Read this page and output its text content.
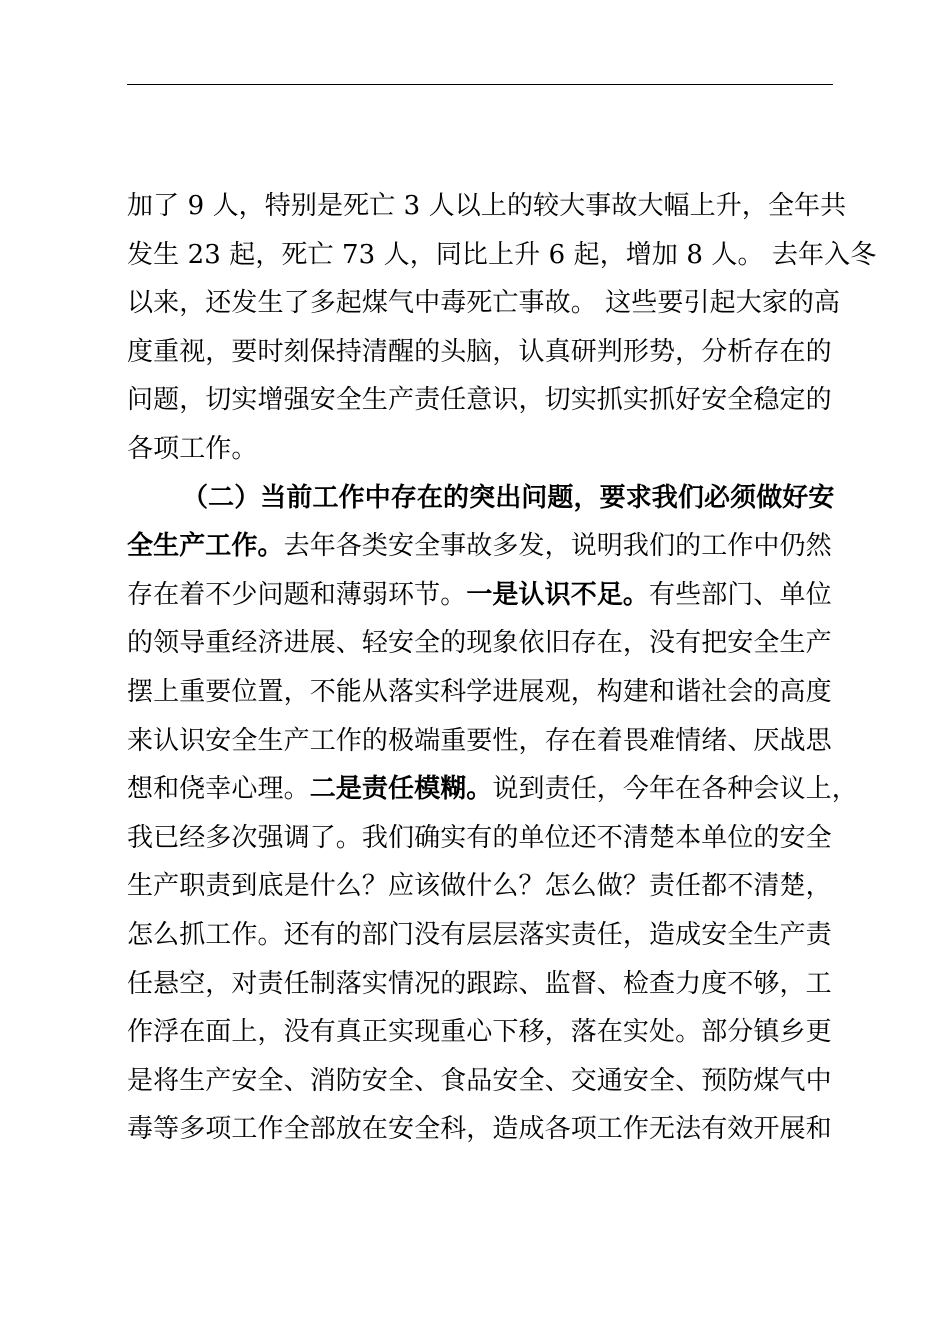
加了 9 人，特别是死亡 3 人以上的较大事故大幅上升，全年共
发生 23 起，死亡 73 人，同比上升 6 起，增加 8 人。 去年入冬
以来，还发生了多起煤气中毒死亡事故。 这些要引起大家的高
度重视，要时刻保持清醒的头脑，认真研判形势，分析存在的
问题，切实增强安全生产责任意识，切实抓实抓好安全稳定的
各项工作。

（二）当前工作中存在的突出问题，要求我们必须做好安
全生产工作。去年各类安全事故多发，说明我们的工作中仍然
存在着不少问题和薄弱环节。一是认识不足。有些部门、单位
的领导重经济进展、轻安全的现象依旧存在，没有把安全生产
摆上重要位置，不能从落实科学进展观，构建和谐社会的高度
来认识安全生产工作的极端重要性，存在着畏难情绪、厌战思
想和侥幸心理。二是责任模糊。说到责任，今年在各种会议上，
我已经多次强调了。我们确实有的单位还不清楚本单位的安全
生产职责到底是什么？应该做什么？怎么做？责任都不清楚，
怎么抓工作。还有的部门没有层层落实责任，造成安全生产责
任悬空，对责任制落实情况的跟踪、监督、检查力度不够，工
作浮在面上，没有真正实现重心下移，落在实处。部分镇乡更
是将生产安全、消防安全、食品安全、交通安全、预防煤气中
毒等多项工作全部放在安全科，造成各项工作无法有效开展和
